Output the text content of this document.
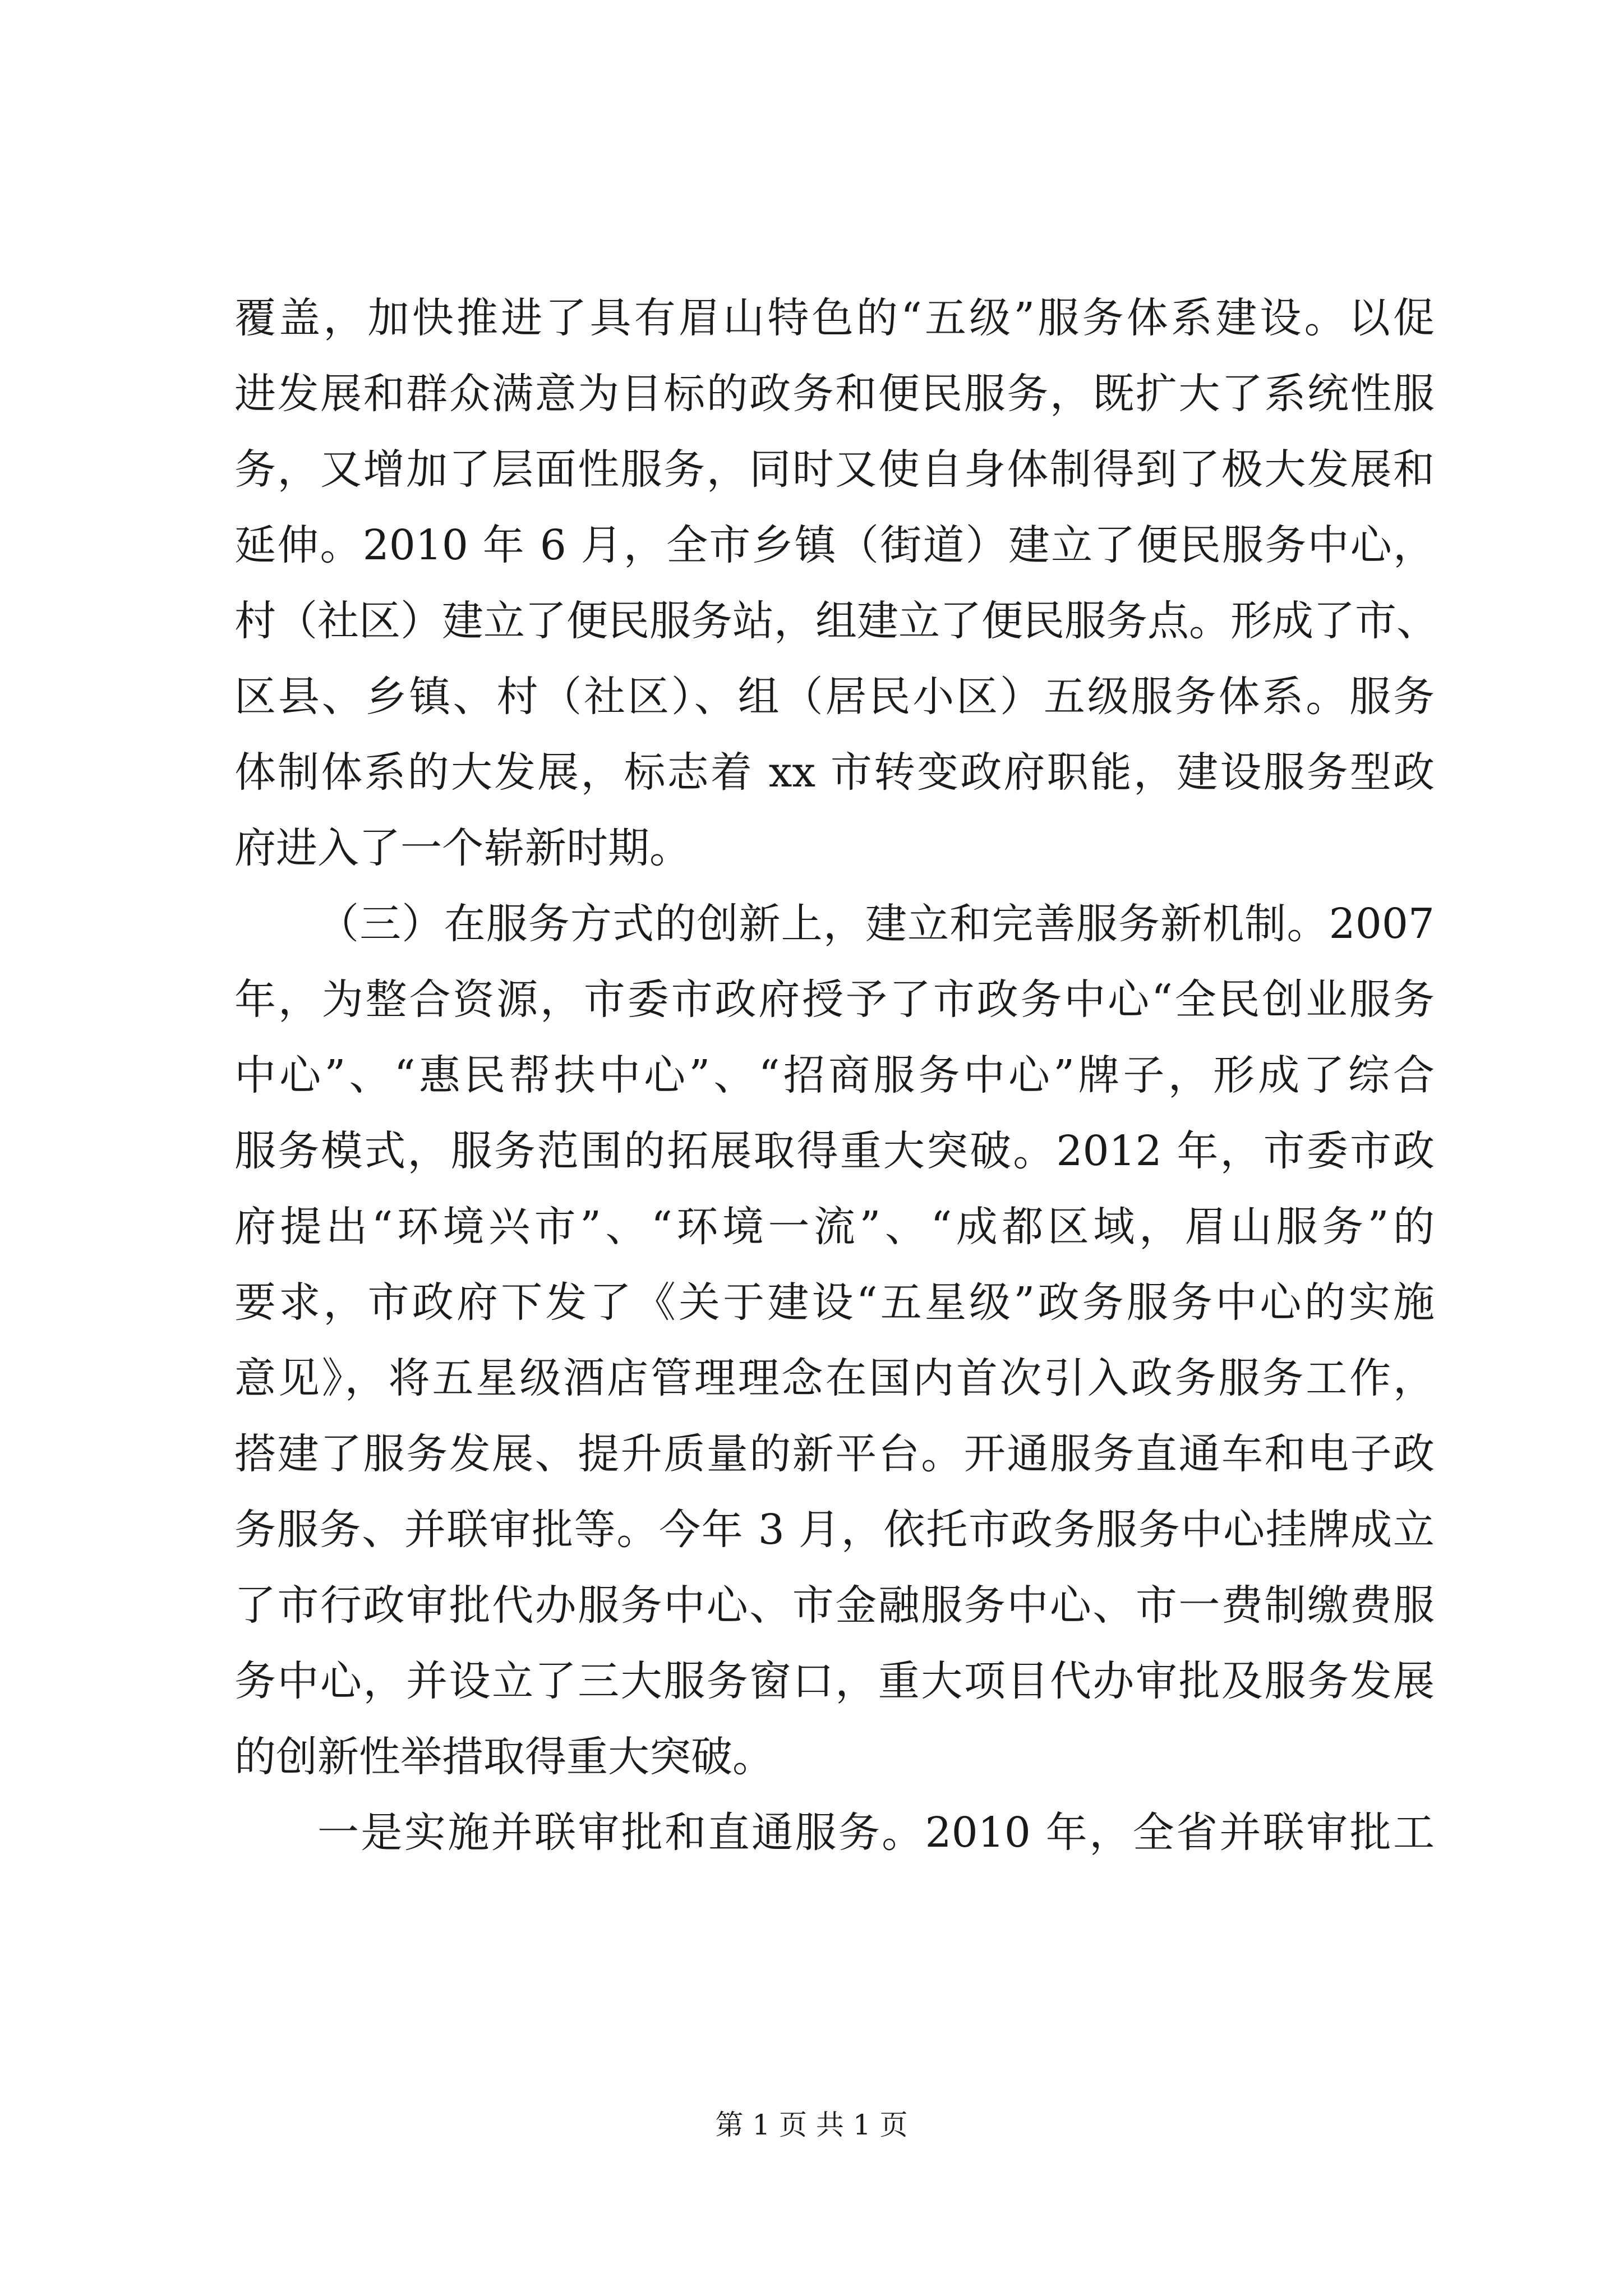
覆盖，加快推进了具有眉山特色的“五级”服务体系建设。以促
进发展和群众满意为目标的政务和便民服务，既扩大了系统性服
务，又增加了层面性服务，同时又使自身体制得到了极大发展和
延伸。2010 年 6 月，全市乡镇（街道）建立了便民服务中心，
村（社区）建立了便民服务站，组建立了便民服务点。形成了市、
区县、乡镇、村（社区）、组（居民小区）五级服务体系。服务
体制体系的大发展，标志着 xx 市转变政府职能，建设服务型政
府进入了一个崭新时期。
（三）在服务方式的创新上，建立和完善服务新机制。2007
年，为整合资源，市委市政府授予了市政务中心“全民创业服务
中心”、“惠民帮扶中心”、“招商服务中心”牌子，形成了综合
服务模式，服务范围的拓展取得重大突破。2012 年，市委市政
府提出“环境兴市”、“环境一流”、“成都区域，眉山服务”的
要求，市政府下发了《关于建设“五星级”政务服务中心的实施
意见》，将五星级酒店管理理念在国内首次引入政务服务工作，
搭建了服务发展、提升质量的新平台。开通服务直通车和电子政
务服务、并联审批等。今年 3 月，依托市政务服务中心挂牌成立
了市行政审批代办服务中心、市金融服务中心、市一费制缴费服
务中心，并设立了三大服务窗口，重大项目代办审批及服务发展
的创新性举措取得重大突破。
一是实施并联审批和直通服务。2010 年，全省并联审批工
第 1 页 共 1 页
